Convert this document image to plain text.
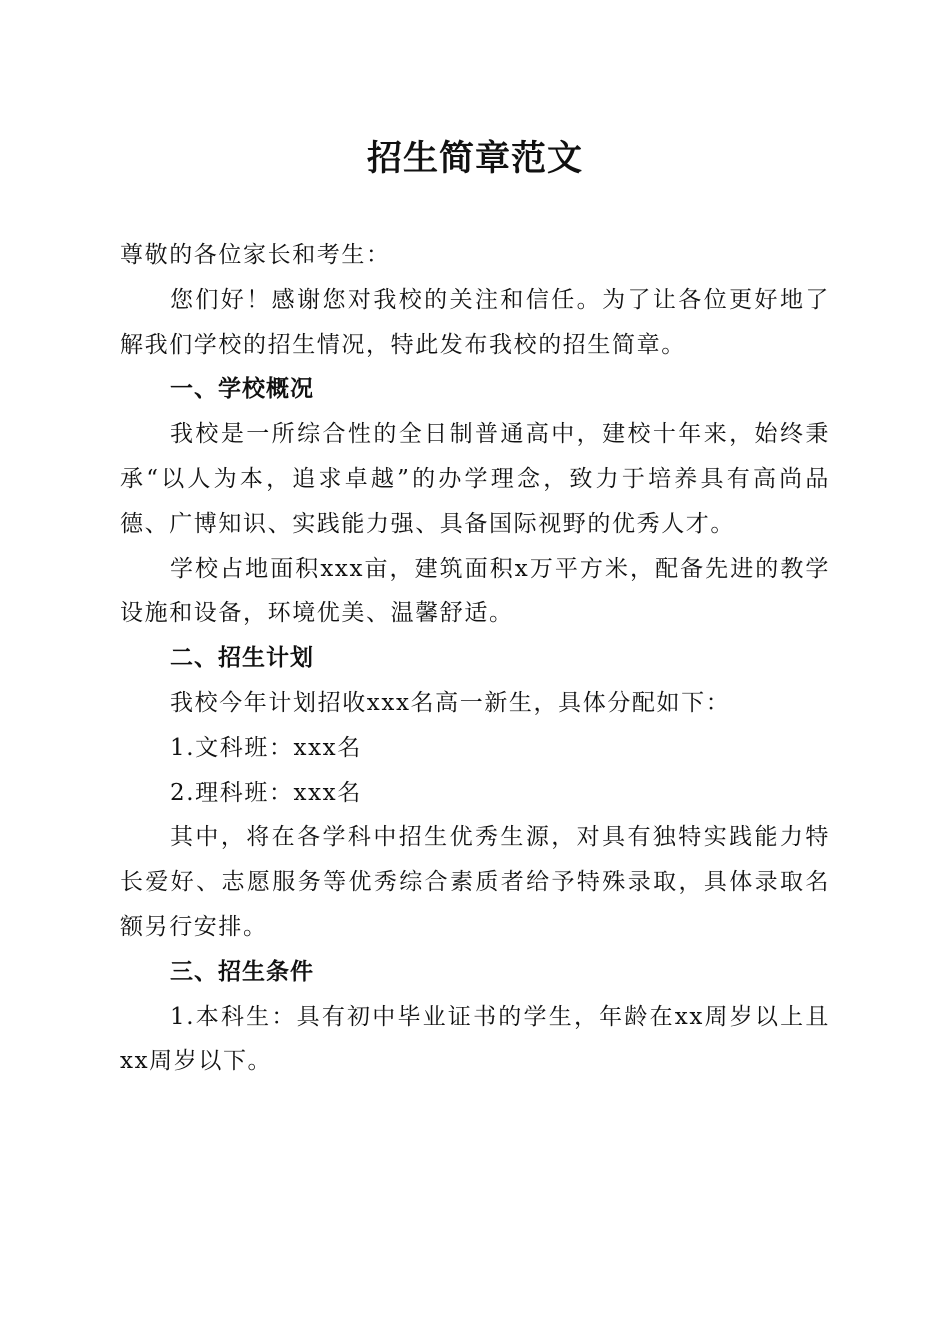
招生简章范文

尊敬的各位家长和考生：

您们好！感谢您对我校的关注和信任。为了让各位更好地了解我们学校的招生情况，特此发布我校的招生简章。

一、学校概况

我校是一所综合性的全日制普通高中，建校十年来，始终秉承“以人为本，追求卓越”的办学理念，致力于培养具有高尚品德、广博知识、实践能力强、具备国际视野的优秀人才。

学校占地面积xxx亩，建筑面积x万平方米，配备先进的教学设施和设备，环境优美、温馨舒适。

二、招生计划

我校今年计划招收xxx名高一新生，具体分配如下：

1.文科班：xxx名

2.理科班：xxx名

其中，将在各学科中招生优秀生源，对具有独特实践能力特长爱好、志愿服务等优秀综合素质者给予特殊录取，具体录取名额另行安排。

三、招生条件

1.本科生：具有初中毕业证书的学生，年龄在xx周岁以上且xx周岁以下。
